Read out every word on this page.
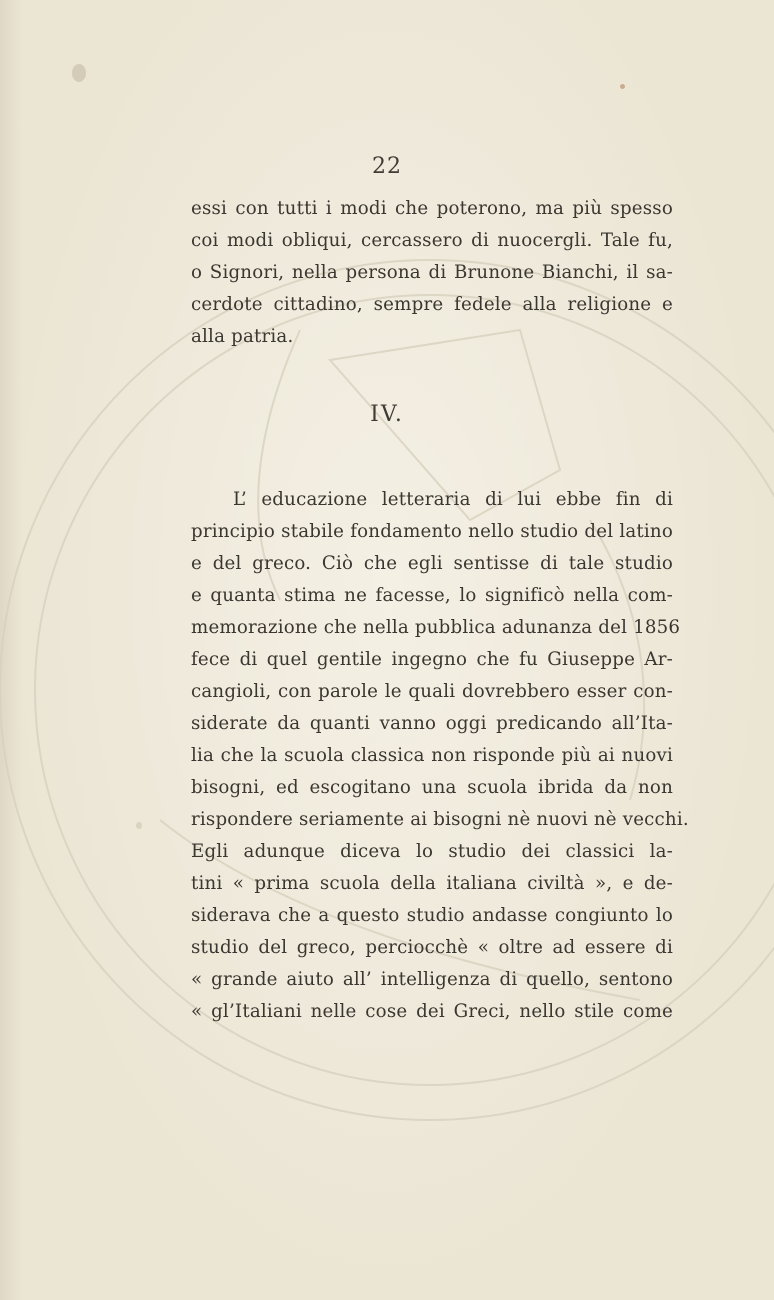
22
essi con tutti i modi che poterono, ma più spesso
coi modi obliqui, cercassero di nuocergli. Tale fu,
o Signori, nella persona di Brunone Bianchi, il sa-
cerdote cittadino, sempre fedele alla religione e
alla patria.
IV.
L’ educazione letteraria di lui ebbe fin di
principio stabile fondamento nello studio del latino
e del greco. Ciò che egli sentisse di tale studio
e quanta stima ne facesse, lo significò nella com-
memorazione che nella pubblica adunanza del 1856
fece di quel gentile ingegno che fu Giuseppe Ar-
cangioli, con parole le quali dovrebbero esser con-
siderate da quanti vanno oggi predicando all’Ita-
lia che la scuola classica non risponde più ai nuovi
bisogni, ed escogitano una scuola ibrida da non
rispondere seriamente ai bisogni nè nuovi nè vecchi.
Egli adunque diceva lo studio dei classici la-
tini « prima scuola della italiana civiltà », e de-
siderava che a questo studio andasse congiunto lo
studio del greco, perciocchè « oltre ad essere di
« grande aiuto all’ intelligenza di quello, sentono
« gl’Italiani nelle cose dei Greci, nello stile come
